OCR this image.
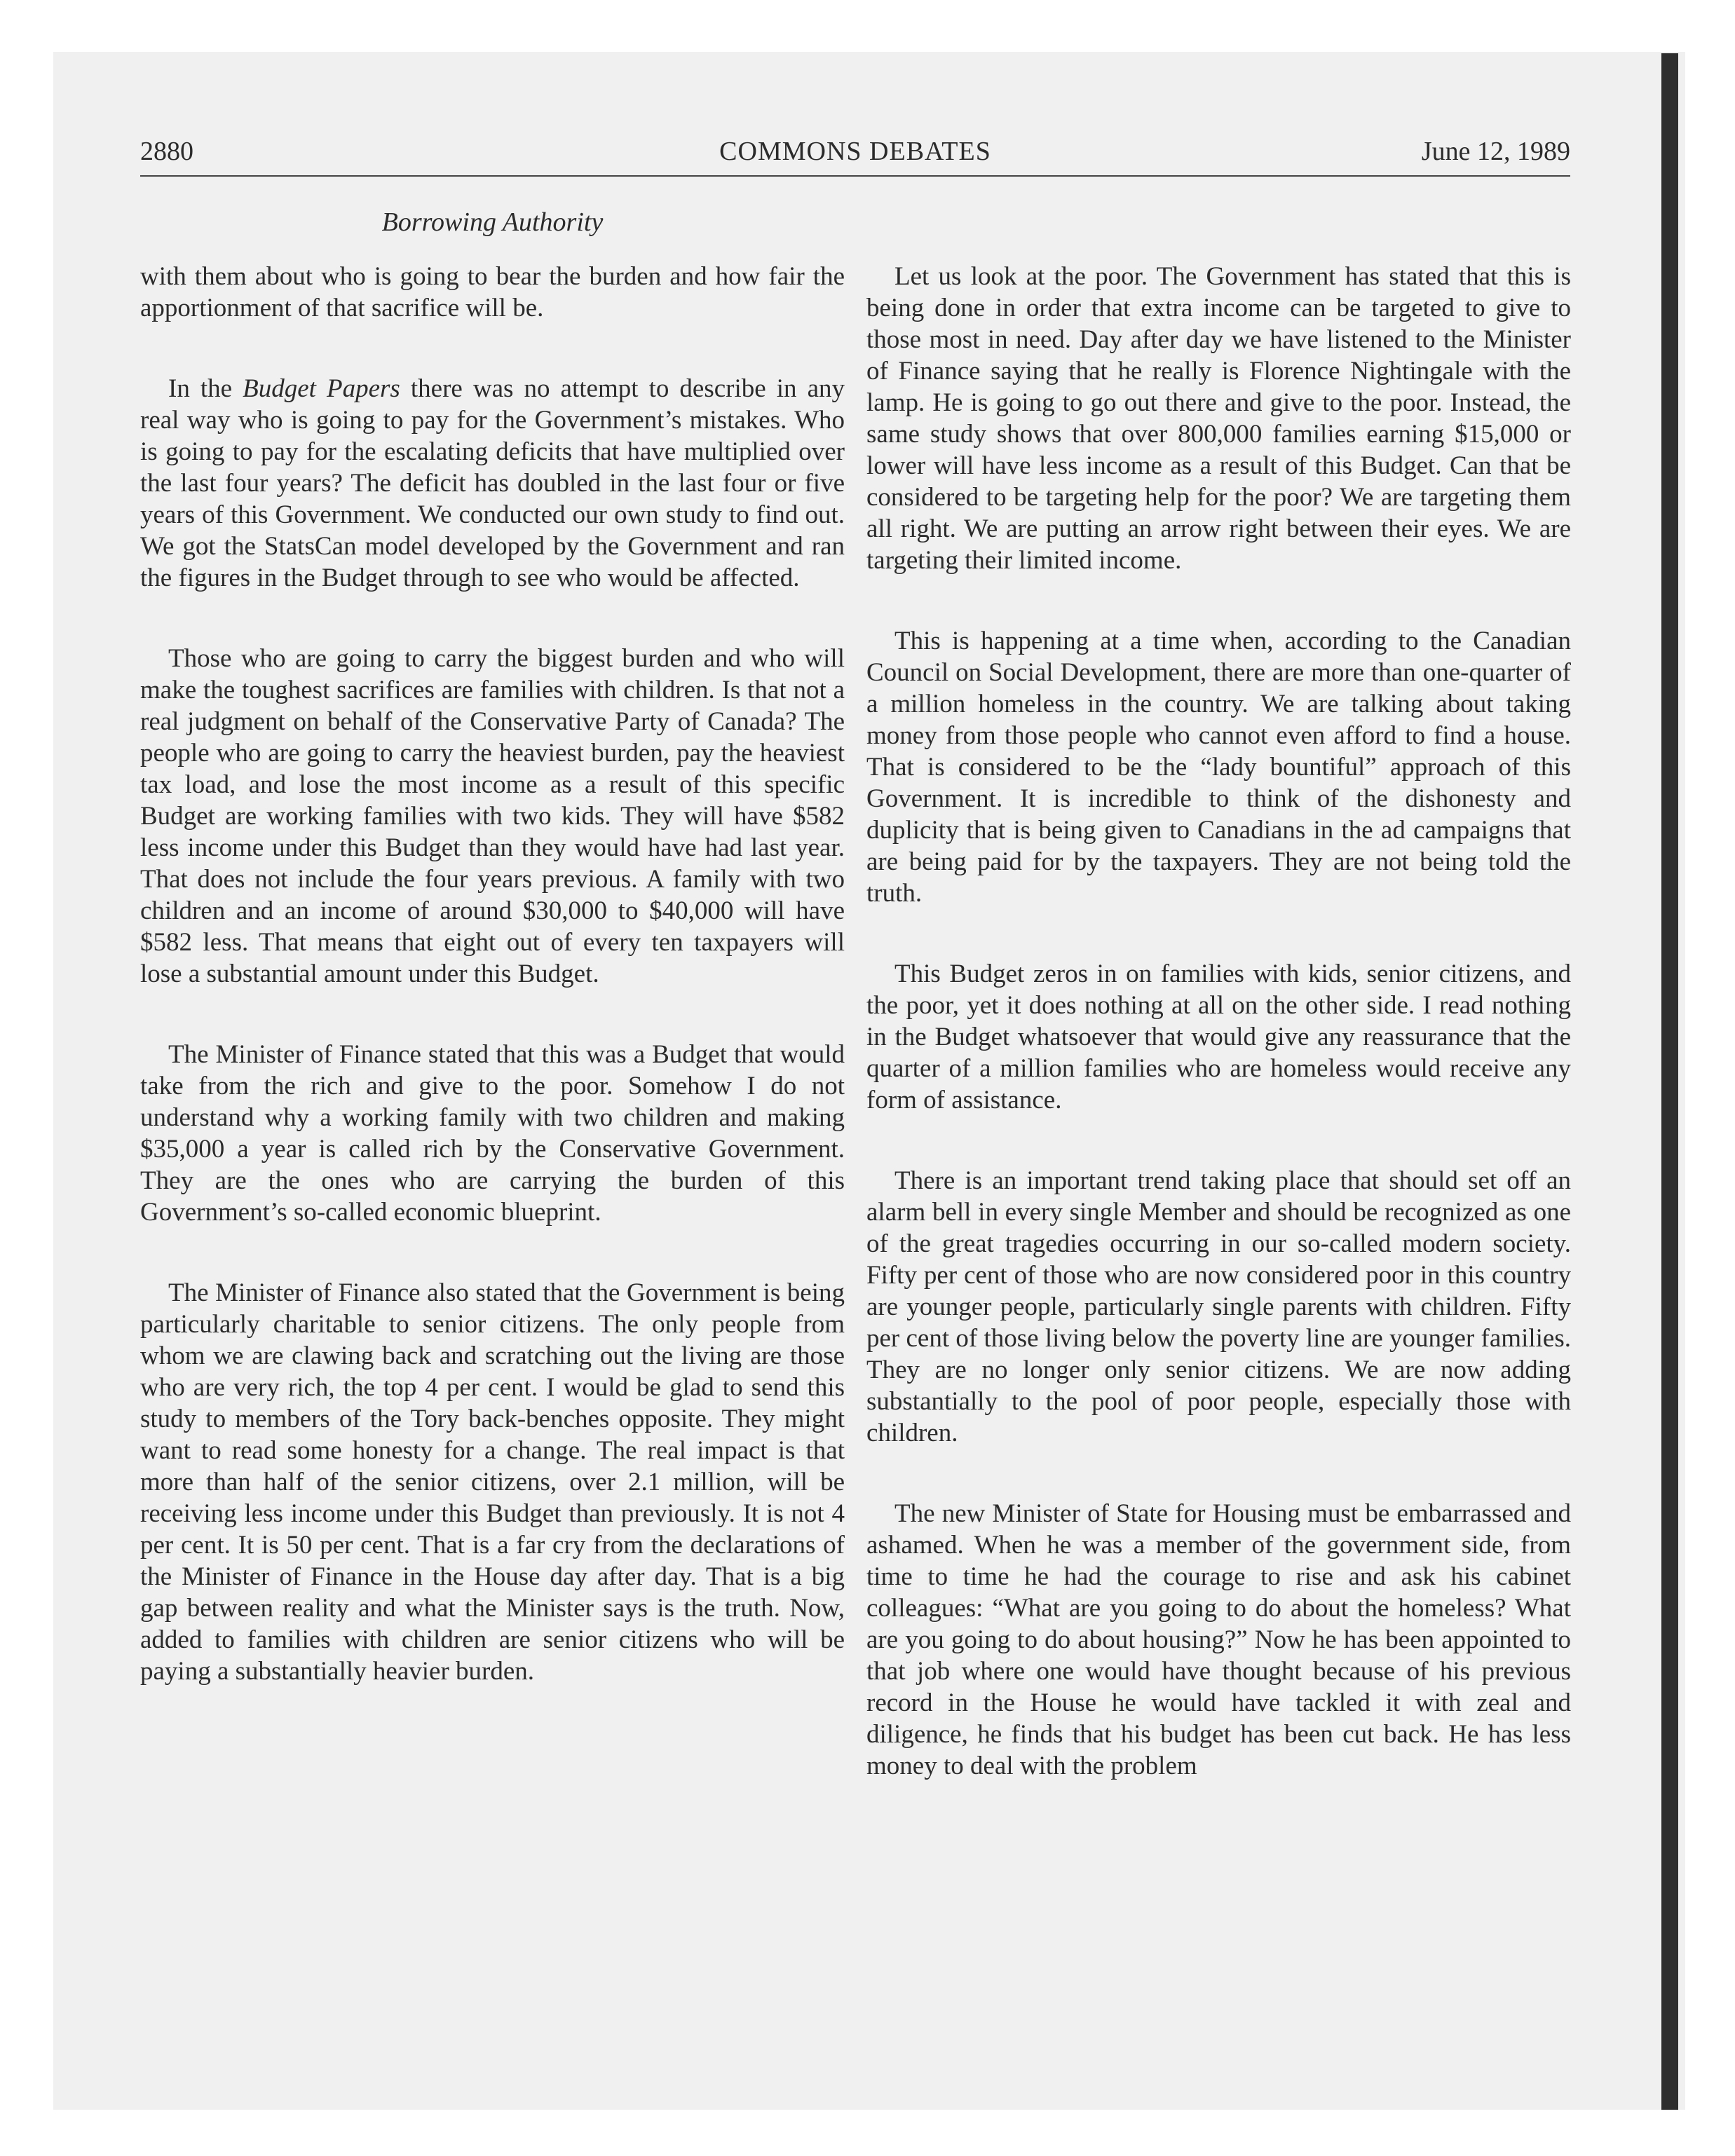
2880	COMMONS DEBATES	June 12, 1989
Borrowing Authority

with them about who is going to bear the burden and how fair the apportionment of that sacrifice will be.

In the Budget Papers there was no attempt to describe in any real way who is going to pay for the Government’s mistakes. Who is going to pay for the escalating deficits that have multiplied over the last four years? The deficit has doubled in the last four or five years of this Government. We conducted our own study to find out. We got the StatsCan model developed by the Government and ran the figures in the Budget through to see who would be affected.

Those who are going to carry the biggest burden and who will make the toughest sacrifices are families with children. Is that not a real judgment on behalf of the Conservative Party of Canada? The people who are going to carry the heaviest burden, pay the heaviest tax load, and lose the most income as a result of this specific Budget are working families with two kids. They will have $582 less income under this Budget than they would have had last year. That does not include the four years previous. A family with two children and an income of around $30,000 to $40,000 will have $582 less. That means that eight out of every ten taxpayers will lose a substantial amount under this Budget.

The Minister of Finance stated that this was a Budget that would take from the rich and give to the poor. Somehow I do not understand why a working family with two children and making $35,000 a year is called rich by the Conservative Government. They are the ones who are carrying the burden of this Government’s so-called economic blueprint.

The Minister of Finance also stated that the Government is being particularly charitable to senior citizens. The only people from whom we are clawing back and scratching out the living are those who are very rich, the top 4 per cent. I would be glad to send this study to members of the Tory back-benches opposite. They might want to read some honesty for a change. The real impact is that more than half of the senior citizens, over 2.1 million, will be receiving less income under this Budget than previously. It is not 4 per cent. It is 50 per cent. That is a far cry from the declarations of the Minister of Finance in the House day after day. That is a big gap between reality and what the Minister says is the truth. Now, added to families with children are senior citizens who will be paying a substantially heavier burden.

Let us look at the poor. The Government has stated that this is being done in order that extra income can be targeted to give to those most in need. Day after day we have listened to the Minister of Finance saying that he really is Florence Nightingale with the lamp. He is going to go out there and give to the poor. Instead, the same study shows that over 800,000 families earning $15,000 or lower will have less income as a result of this Budget. Can that be considered to be targeting help for the poor? We are targeting them all right. We are putting an arrow right between their eyes. We are targeting their limited income.

This is happening at a time when, according to the Canadian Council on Social Development, there are more than one-quarter of a million homeless in the country. We are talking about taking money from those people who cannot even afford to find a house. That is considered to be the “lady bountiful” approach of this Government. It is incredible to think of the dishonesty and duplicity that is being given to Canadians in the ad campaigns that are being paid for by the taxpayers. They are not being told the truth.

This Budget zeros in on families with kids, senior citizens, and the poor, yet it does nothing at all on the other side. I read nothing in the Budget whatsoever that would give any reassurance that the quarter of a million families who are homeless would receive any form of assistance.

There is an important trend taking place that should set off an alarm bell in every single Member and should be recognized as one of the great tragedies occurring in our so-called modern society. Fifty per cent of those who are now considered poor in this country are younger people, particularly single parents with children. Fifty per cent of those living below the poverty line are younger families. They are no longer only senior citizens. We are now adding substantially to the pool of poor people, especially those with children.

The new Minister of State for Housing must be embarrassed and ashamed. When he was a member of the government side, from time to time he had the courage to rise and ask his cabinet colleagues: “What are you going to do about the homeless? What are you going to do about housing?” Now he has been appointed to that job where one would have thought because of his previous record in the House he would have tackled it with zeal and diligence, he finds that his budget has been cut back. He has less money to deal with the problem
